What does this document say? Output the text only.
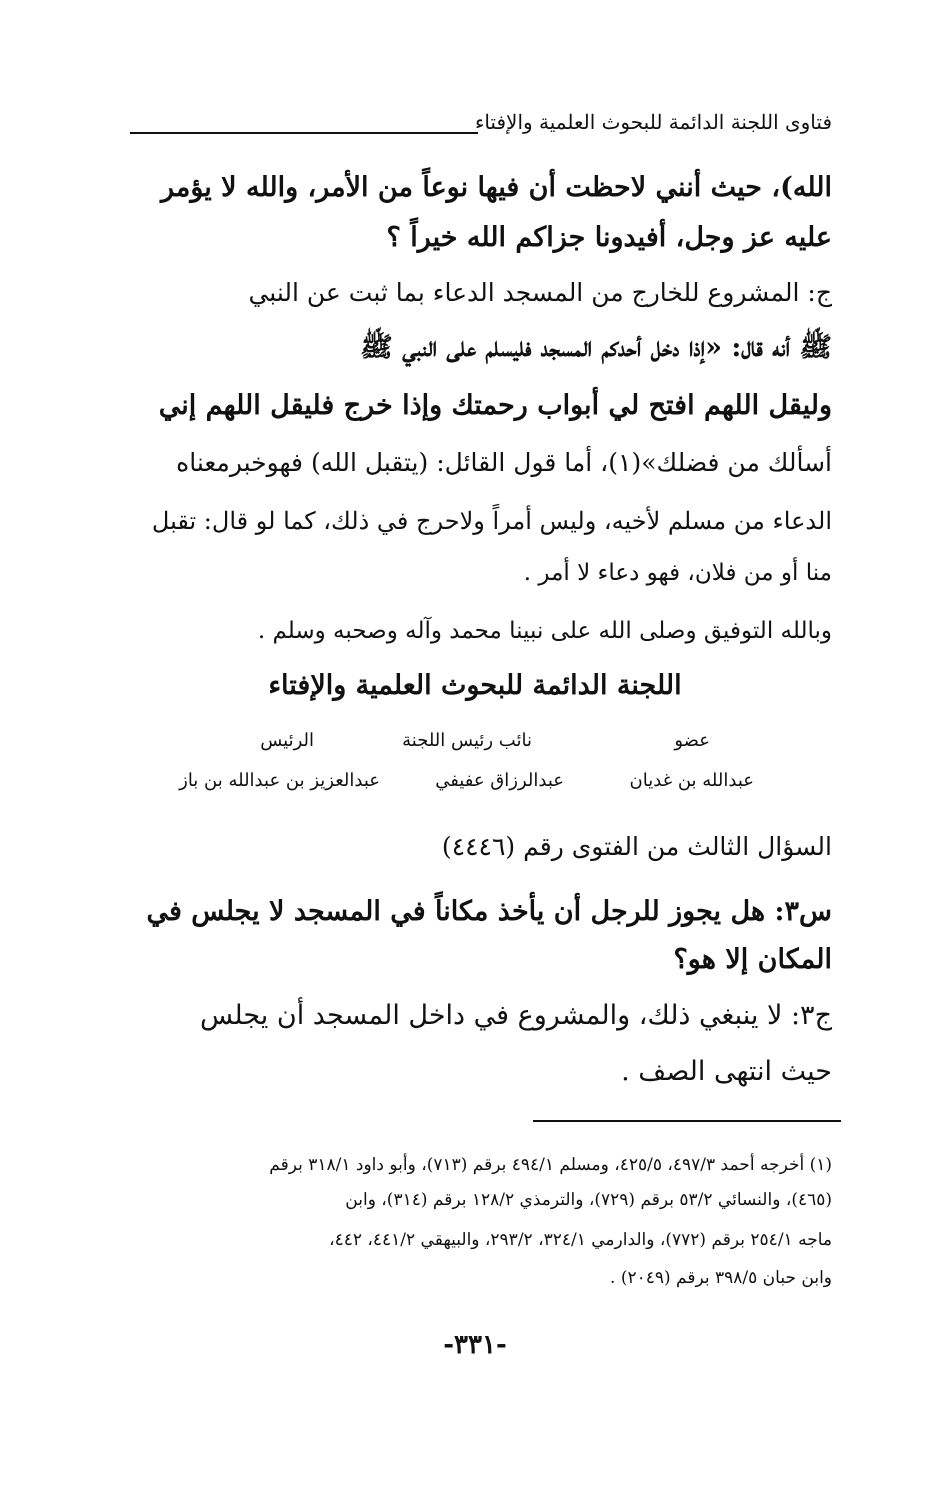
فتاوى اللجنة الدائمة للبحوث العلمية والإفتاء
الله)، حيث أنني لاحظت أن فيها نوعاً من الأمر، والله لا يؤمر
عليه عز وجل، أفيدونا جزاكم الله خيراً ؟
ج: المشروع للخارج من المسجد الدعاء بما ثبت عن النبي
ﷺ أنه قال: «إذا دخل أحدكم المسجد فليسلم على النبي ﷺ
وليقل اللهم افتح لي أبواب رحمتك وإذا خرج فليقل اللهم إني
أسألك من فضلك»(١)، أما قول القائل: (يتقبل الله) فهوخبرمعناه
الدعاء من مسلم لأخيه، وليس أمراً ولاحرج في ذلك، كما لو قال: تقبل
منا أو من فلان، فهو دعاء لا أمر .
وبالله التوفيق وصلى الله على نبينا محمد وآله وصحبه وسلم .
اللجنة الدائمة للبحوث العلمية والإفتاء
عضو
نائب رئيس اللجنة
الرئيس
عبدالله بن غديان
عبدالرزاق عفيفي
عبدالعزيز بن عبدالله بن باز
السؤال الثالث من الفتوى رقم (٤٤٤٦)
س٣: هل يجوز للرجل أن يأخذ مكاناً في المسجد لا يجلس في
المكان إلا هو؟
ج٣: لا ينبغي ذلك، والمشروع في داخل المسجد أن يجلس
حيث انتهى الصف .
(١) أخرجه أحمد ٤٩٧/٣، ٤٢٥/٥، ومسلم ٤٩٤/١ برقم (٧١٣)، وأبو داود ٣١٨/١ برقم
(٤٦٥)، والنسائي ٥٣/٢ برقم (٧٢٩)، والترمذي ١٢٨/٢ برقم (٣١٤)، وابن
ماجه ٢٥٤/١ برقم (٧٧٢)، والدارمي ٣٢٤/١، ٢٩٣/٢، والبيهقي ٤٤١/٢، ٤٤٢،
وابن حبان ٣٩٨/٥ برقم (٢٠٤٩) .
-٣٣١-
